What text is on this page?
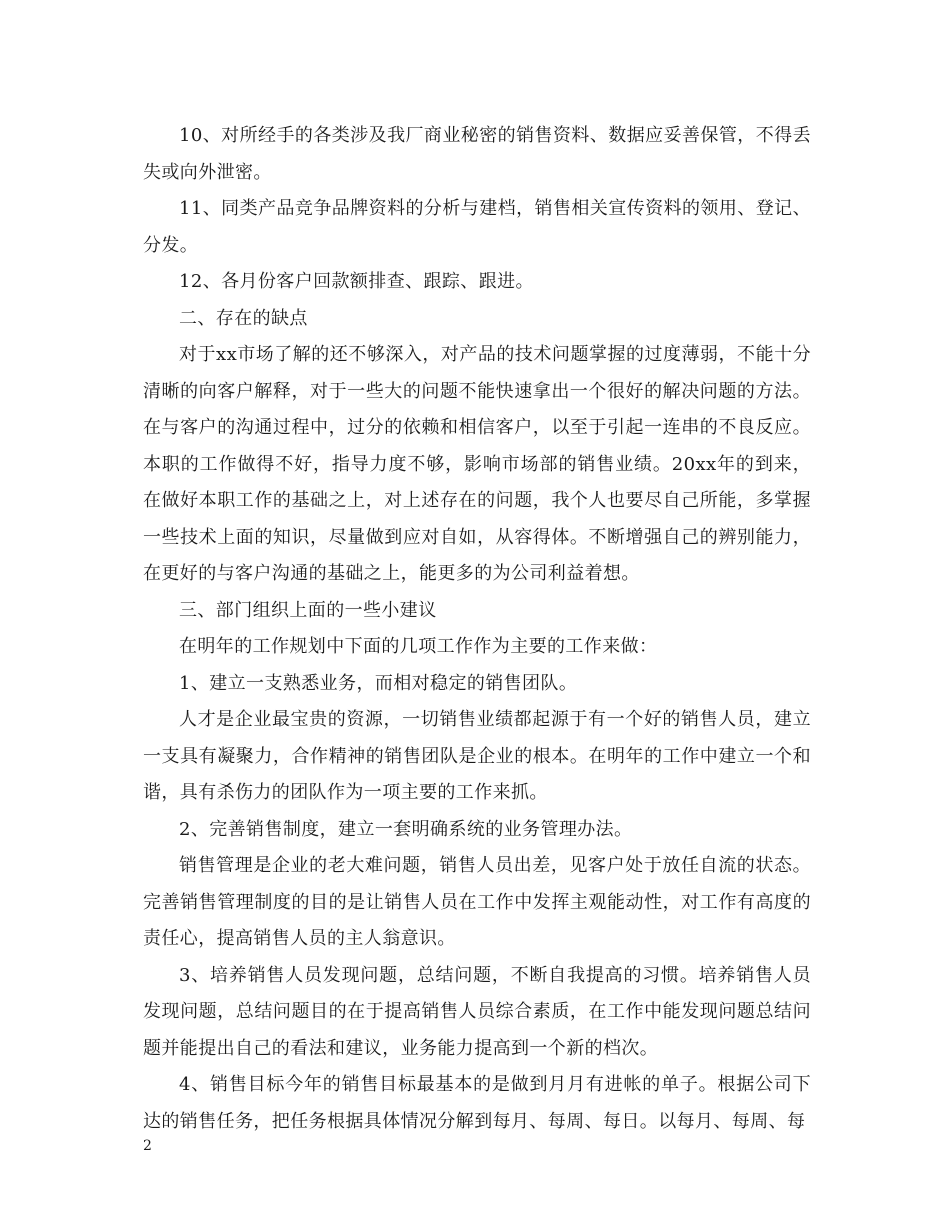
10、对所经手的各类涉及我厂商业秘密的销售资料、数据应妥善保管，不得丢失或向外泄密。

11、同类产品竞争品牌资料的分析与建档，销售相关宣传资料的领用、登记、分发。

12、各月份客户回款额排查、跟踪、跟进。

二、存在的缺点

对于xx市场了解的还不够深入，对产品的技术问题掌握的过度薄弱，不能十分清晰的向客户解释，对于一些大的问题不能快速拿出一个很好的解决问题的方法。在与客户的沟通过程中，过分的依赖和相信客户，以至于引起一连串的不良反应。本职的工作做得不好，指导力度不够，影响市场部的销售业绩。20xx年的到来，在做好本职工作的基础之上，对上述存在的问题，我个人也要尽自己所能，多掌握一些技术上面的知识，尽量做到应对自如，从容得体。不断增强自己的辨别能力，在更好的与客户沟通的基础之上，能更多的为公司利益着想。

三、部门组织上面的一些小建议

在明年的工作规划中下面的几项工作作为主要的工作来做：

1、建立一支熟悉业务，而相对稳定的销售团队。

人才是企业最宝贵的资源，一切销售业绩都起源于有一个好的销售人员，建立一支具有凝聚力，合作精神的销售团队是企业的根本。在明年的工作中建立一个和谐，具有杀伤力的团队作为一项主要的工作来抓。

2、完善销售制度，建立一套明确系统的业务管理办法。

销售管理是企业的老大难问题，销售人员出差，见客户处于放任自流的状态。完善销售管理制度的目的是让销售人员在工作中发挥主观能动性，对工作有高度的责任心，提高销售人员的主人翁意识。

3、培养销售人员发现问题，总结问题，不断自我提高的习惯。培养销售人员发现问题，总结问题目的在于提高销售人员综合素质，在工作中能发现问题总结问题并能提出自己的看法和建议，业务能力提高到一个新的档次。

4、销售目标今年的销售目标最基本的是做到月月有进帐的单子。根据公司下达的销售任务，把任务根据具体情况分解到每月、每周、每日。以每月、每周、每

2
